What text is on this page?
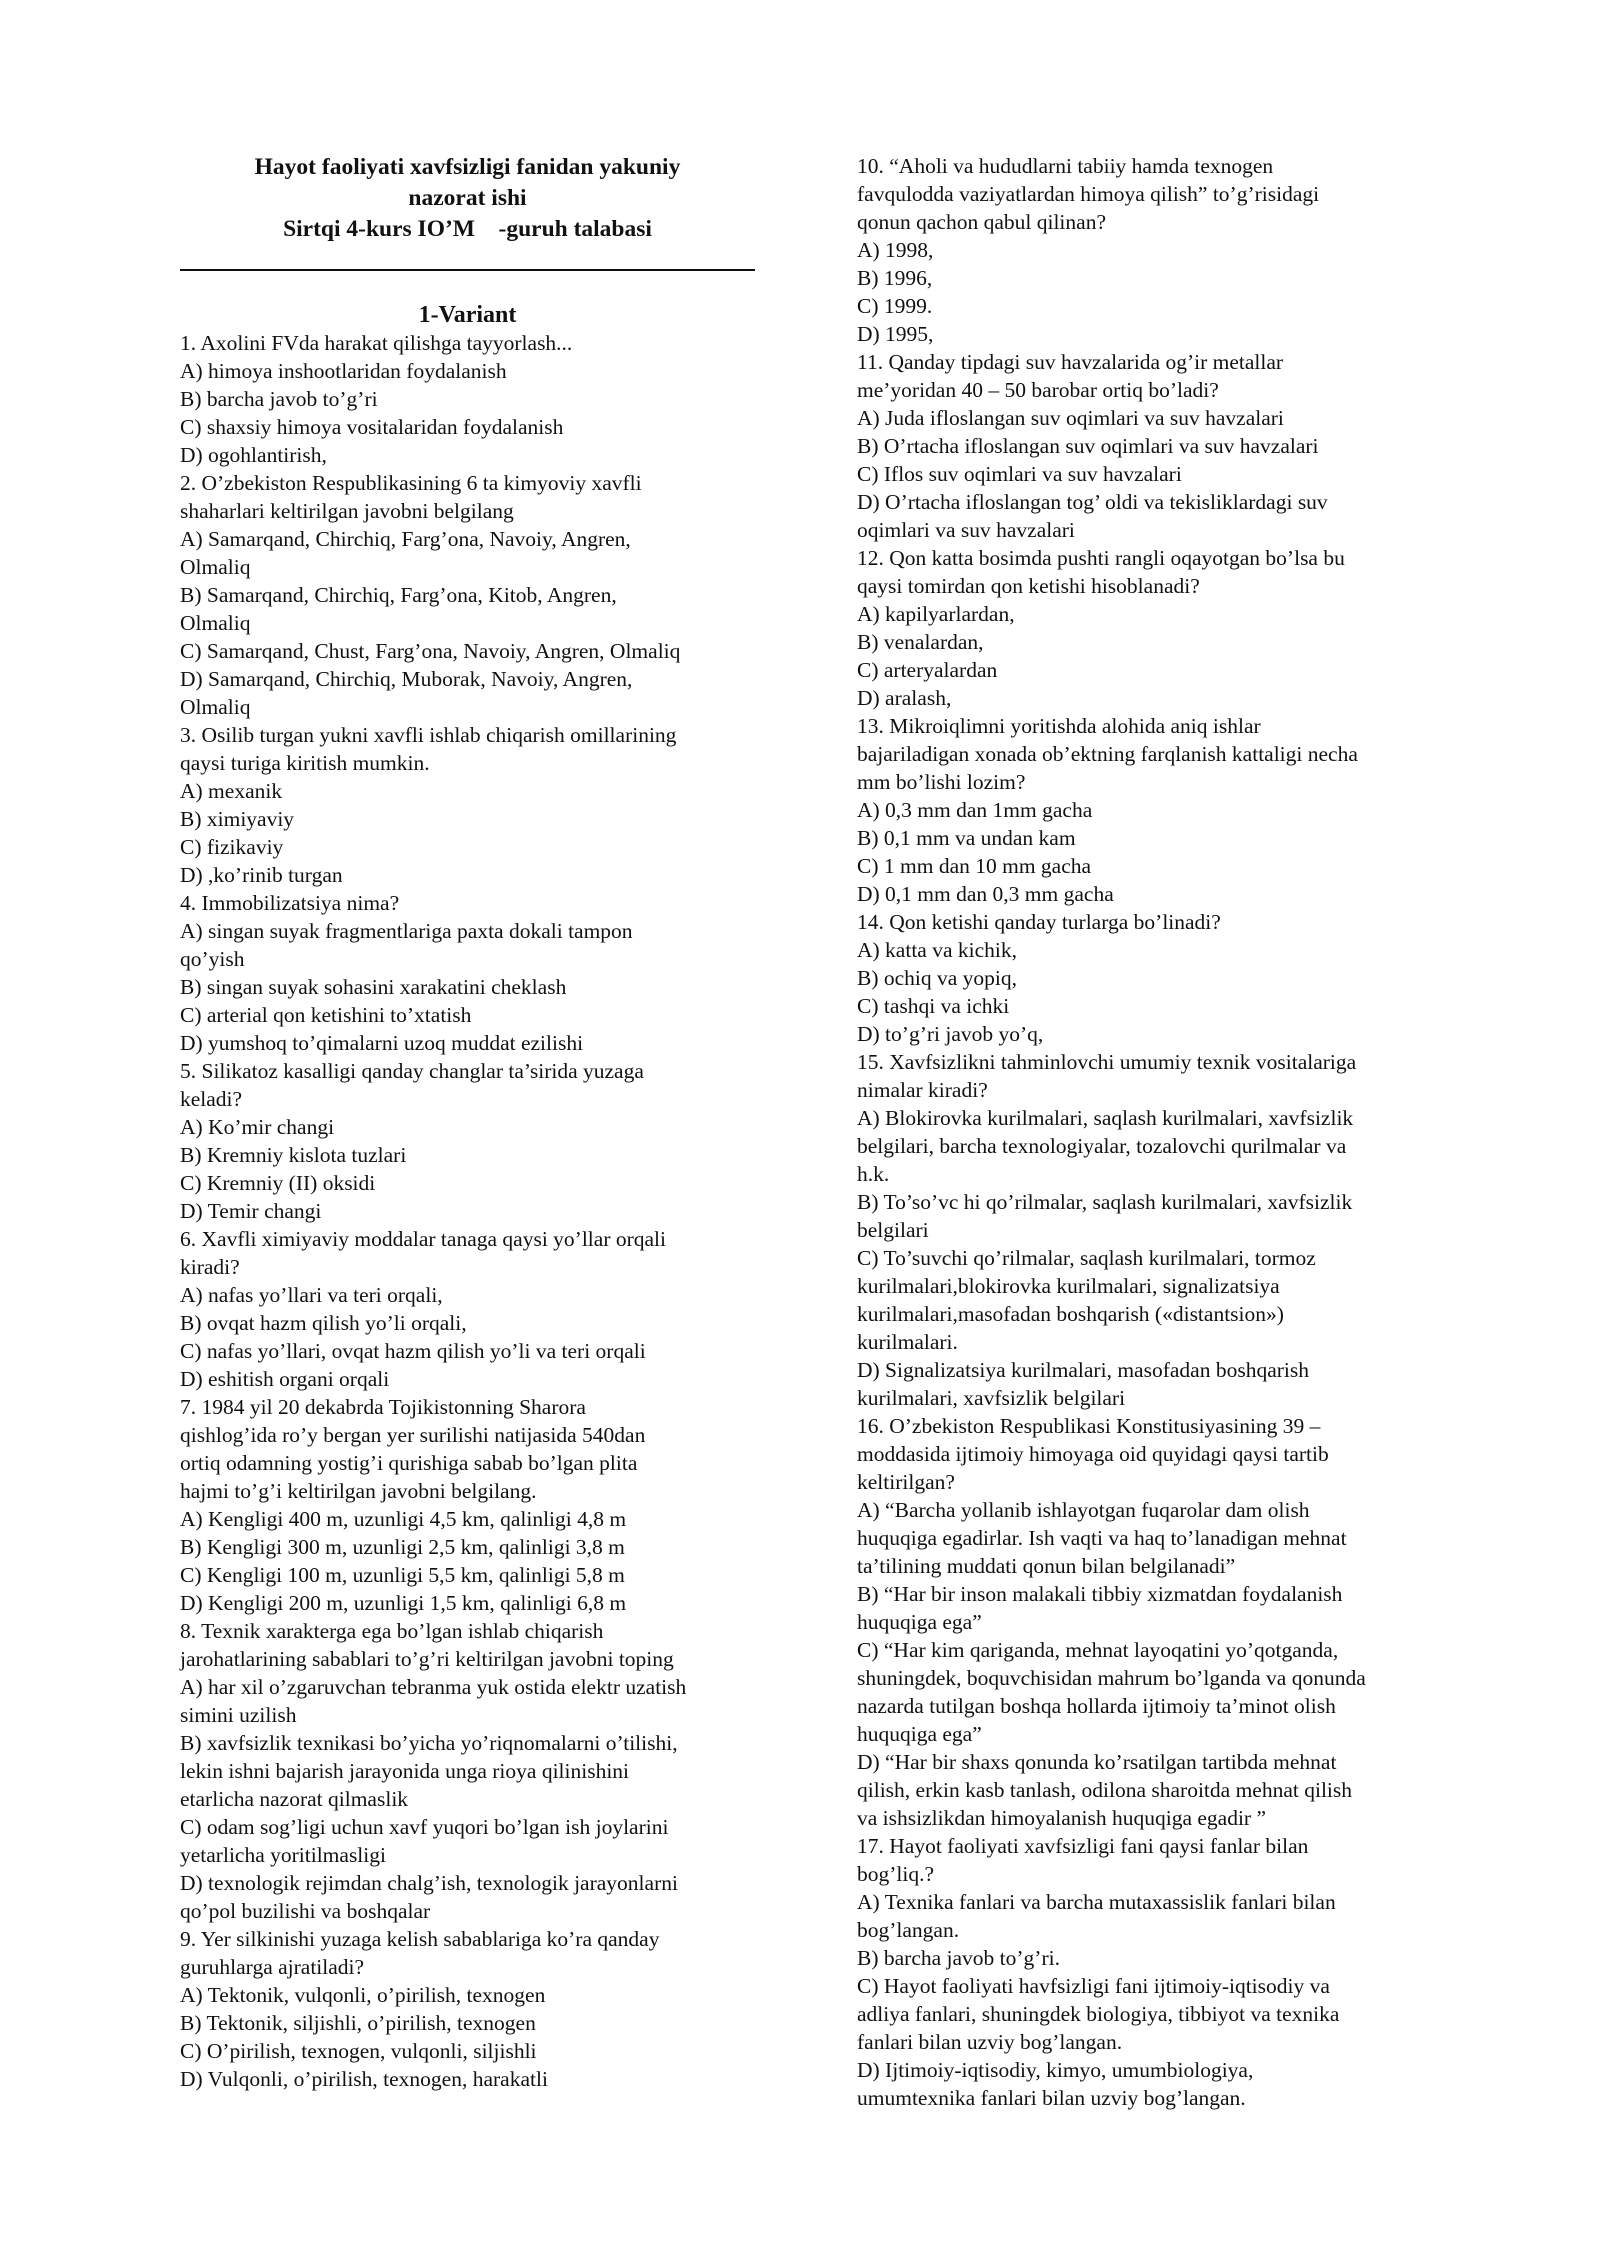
Hayot faoliyati xavfsizligi fanidan yakuniy
nazorat ishi
Sirtqi 4-kurs IO’M    -guruh talabasi
1-Variant
1. Axolini FVda harakat qilishga tayyorlash...
A) himoya inshootlaridan foydalanish
B) barcha javob to’g’ri
C) shaxsiy himoya vositalaridan foydalanish
D) ogohlantirish,
2. O’zbekiston Respublikasining 6 ta kimyoviy xavfli
shaharlari keltirilgan javobni belgilang
A) Samarqand, Chirchiq, Farg’ona, Navoiy, Angren,
Olmaliq
B) Samarqand, Chirchiq, Farg’ona, Kitob, Angren,
Olmaliq
C) Samarqand, Chust, Farg’ona, Navoiy, Angren, Olmaliq
D) Samarqand, Chirchiq, Muborak, Navoiy, Angren,
Olmaliq
3. Osilib turgan yukni xavfli ishlab chiqarish omillarining
qaysi turiga kiritish mumkin.
A) mexanik
B) ximiyaviy
C) fizikaviy
D) ,ko’rinib turgan
4. Immobilizatsiya nima?
A) singan suyak fragmentlariga paxta dokali tampon
qo’yish
B) singan suyak sohasini xarakatini cheklash
C) arterial qon ketishini to’xtatish
D) yumshoq to’qimalarni uzoq muddat ezilishi
5. Silikatoz kasalligi qanday changlar ta’sirida yuzaga
keladi?
A) Ko’mir changi
B) Kremniy kislota tuzlari
C) Kremniy (II) oksidi
D) Temir changi
6. Xavfli ximiyaviy moddalar tanaga qaysi yo’llar orqali
kiradi?
A) nafas yo’llari va teri orqali,
B) ovqat hazm qilish yo’li orqali,
C) nafas yo’llari, ovqat hazm qilish yo’li va teri orqali
D) eshitish organi orqali
7. 1984 yil 20 dekabrda Tojikistonning Sharora
qishlog’ida ro’y bergan yer surilishi natijasida 540dan
ortiq odamning yostig’i qurishiga sabab bo’lgan plita
hajmi to’g’i keltirilgan javobni belgilang.
A) Kengligi 400 m, uzunligi 4,5 km, qalinligi 4,8 m
B) Kengligi 300 m, uzunligi 2,5 km, qalinligi 3,8 m
C) Kengligi 100 m, uzunligi 5,5 km, qalinligi 5,8 m
D) Kengligi 200 m, uzunligi 1,5 km, qalinligi 6,8 m
8. Texnik xarakterga ega bo’lgan ishlab chiqarish
jarohatlarining sabablari to’g’ri keltirilgan javobni toping
A) har xil o’zgaruvchan tebranma yuk ostida elektr uzatish
simini uzilish
B) xavfsizlik texnikasi bo’yicha yo’riqnomalarni o’tilishi,
lekin ishni bajarish jarayonida unga rioya qilinishini
etarlicha nazorat qilmaslik
C) odam sog’ligi uchun xavf yuqori bo’lgan ish joylarini
yetarlicha yoritilmasligi
D) texnologik rejimdan chalg’ish, texnologik jarayonlarni
qo’pol buzilishi va boshqalar
9. Yer silkinishi yuzaga kelish sabablariga ko’ra qanday
guruhlarga ajratiladi?
A) Tektonik, vulqonli, o’pirilish, texnogen
B) Tektonik, siljishli, o’pirilish, texnogen
C) O’pirilish, texnogen, vulqonli, siljishli
D) Vulqonli, o’pirilish, texnogen, harakatli
10. “Aholi va hududlarni tabiiy hamda texnogen
favqulodda vaziyatlardan himoya qilish” to’g’risidagi
qonun qachon qabul qilinan?
A) 1998,
B) 1996,
C) 1999.
D) 1995,
11. Qanday tipdagi suv havzalarida og’ir metallar
me’yoridan 40 – 50 barobar ortiq bo’ladi?
A) Juda ifloslangan suv oqimlari va suv havzalari
B) O’rtacha ifloslangan suv oqimlari va suv havzalari
C) Iflos suv oqimlari va suv havzalari
D) O’rtacha ifloslangan tog’ oldi va tekisliklardagi suv
oqimlari va suv havzalari
12. Qon katta bosimda pushti rangli oqayotgan bo’lsa bu
qaysi tomirdan qon ketishi hisoblanadi?
A) kapilyarlardan,
B) venalardan,
C) arteryalardan
D) aralash,
13. Mikroiqlimni yoritishda alohida aniq ishlar
bajariladigan xonada ob’ektning farqlanish kattaligi necha
mm bo’lishi lozim?
A) 0,3 mm dan 1mm gacha
B) 0,1 mm va undan kam
C) 1 mm dan 10 mm gacha
D) 0,1 mm dan 0,3 mm gacha
14. Qon ketishi qanday turlarga bo’linadi?
A) katta va kichik,
B) ochiq va yopiq,
C) tashqi va ichki
D) to’g’ri javob yo’q,
15. Xavfsizlikni tahminlovchi umumiy texnik vositalariga
nimalar kiradi?
A) Blokirovka kurilmalari, saqlash kurilmalari, xavfsizlik
belgilari, barcha texnologiyalar, tozalovchi qurilmalar va
h.k.
B) To’so’vc hi qo’rilmalar, saqlash kurilmalari, xavfsizlik
belgilari
C) To’suvchi qo’rilmalar, saqlash kurilmalari, tormoz
kurilmalari,blokirovka kurilmalari, signalizatsiya
kurilmalari,masofadan boshqarish («distantsion»)
kurilmalari.
D) Signalizatsiya kurilmalari, masofadan boshqarish
kurilmalari, xavfsizlik belgilari
16. O’zbekiston Respublikasi Konstitusiyasining 39 –
moddasida ijtimoiy himoyaga oid quyidagi qaysi tartib
keltirilgan?
A) “Barcha yollanib ishlayotgan fuqarolar dam olish
huquqiga egadirlar. Ish vaqti va haq to’lanadigan mehnat
ta’tilining muddati qonun bilan belgilanadi”
B) “Har bir inson malakali tibbiy xizmatdan foydalanish
huquqiga ega”
C) “Har kim qariganda, mehnat layoqatini yo’qotganda,
shuningdek, boquvchisidan mahrum bo’lganda va qonunda
nazarda tutilgan boshqa hollarda ijtimoiy ta’minot olish
huquqiga ega”
D) “Har bir shaxs qonunda ko’rsatilgan tartibda mehnat
qilish, erkin kasb tanlash, odilona sharoitda mehnat qilish
va ishsizlikdan himoyalanish huquqiga egadir ”
17. Hayot faoliyati xavfsizligi fani qaysi fanlar bilan
bog’liq.?
A) Texnika fanlari va barcha mutaxassislik fanlari bilan
bog’langan.
B) barcha javob to’g’ri.
C) Hayot faoliyati havfsizligi fani ijtimoiy-iqtisodiy va
adliya fanlari, shuningdek biologiya, tibbiyot va texnika
fanlari bilan uzviy bog’langan.
D) Ijtimoiy-iqtisodiy, kimyo, umumbiologiya,
umumtexnika fanlari bilan uzviy bog’langan.
